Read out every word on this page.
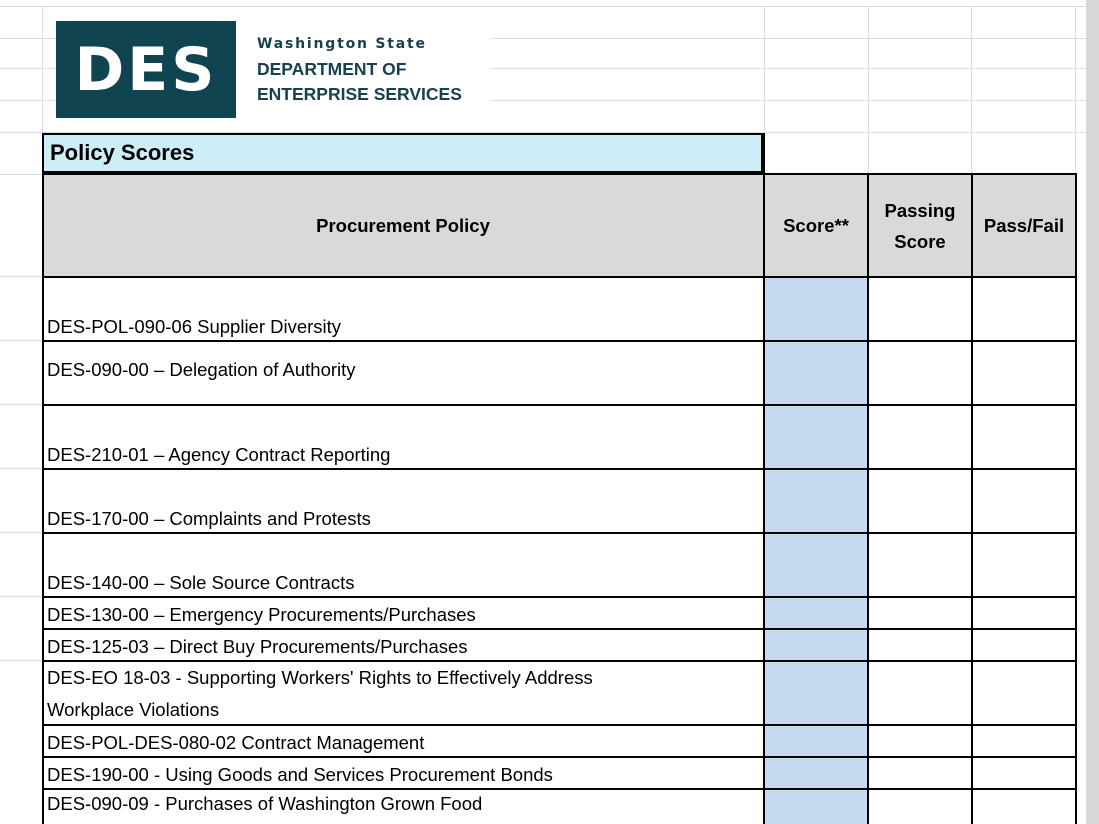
DES	Washington State
DEPARTMENT OF
ENTERPRISE SERVICES
Policy Scores
Procurement Policy	Score**
Passing Score
Pass/Fail
DES-POL-090-06 Supplier Diversity
DES-090-00 – Delegation of Authority
DES-210-01 – Agency Contract Reporting
DES-170-00 – Complaints and Protests
DES-140-00 – Sole Source Contracts
DES-130-00 – Emergency Procurements/Purchases
DES-125-03 – Direct Buy Procurements/Purchases
DES-EO 18-03 - Supporting Workers' Rights to Effectively Address Workplace Violations
DES-POL-DES-080-02 Contract Management
DES-190-00 - Using Goods and Services Procurement Bonds
DES-090-09 - Purchases of Washington Grown Food
